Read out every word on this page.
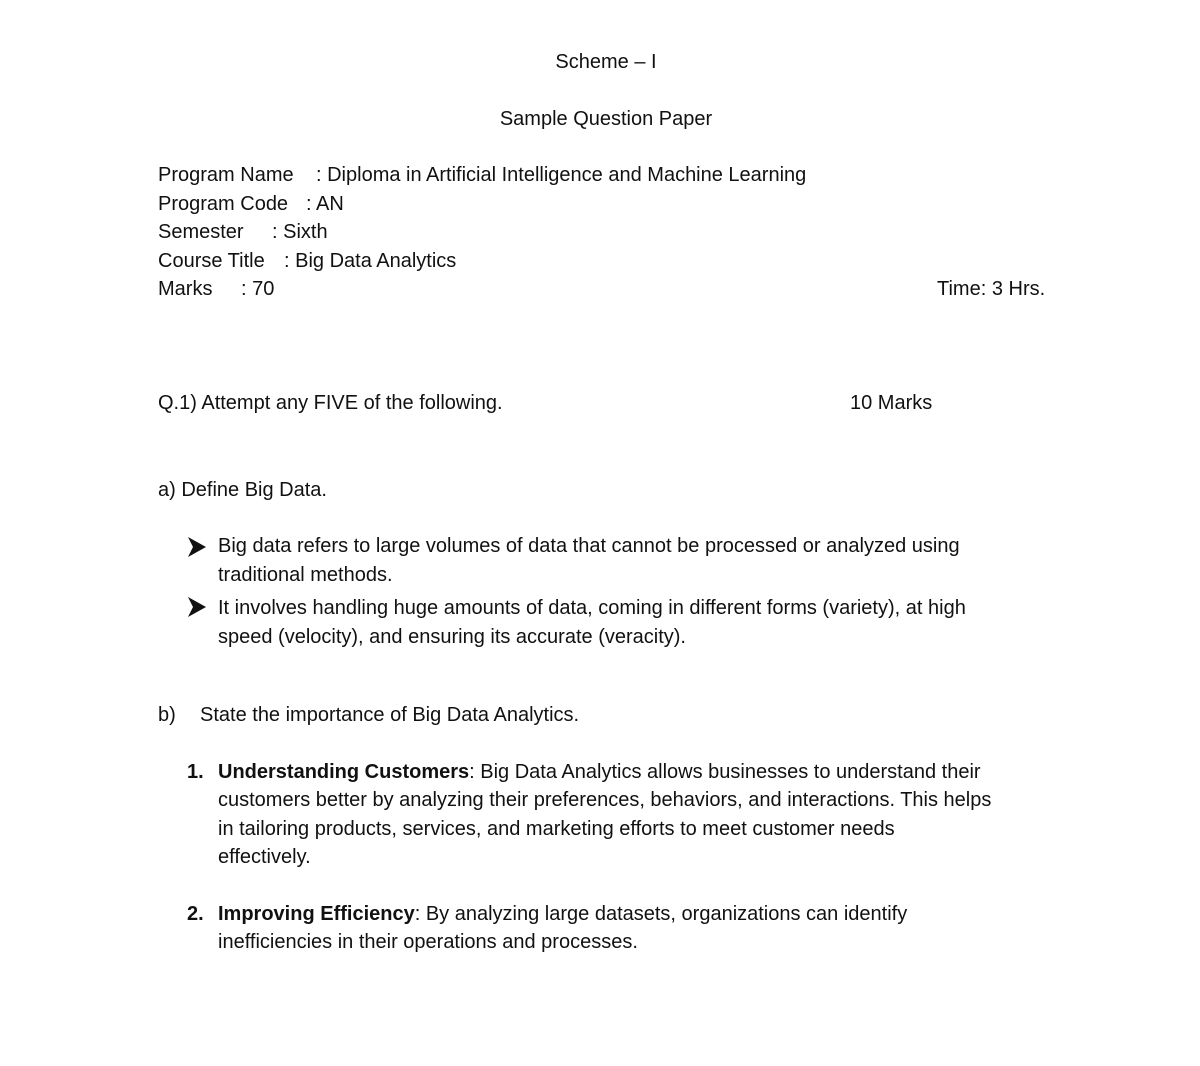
Scheme – I
Sample Question Paper
Program Name : Diploma in Artificial Intelligence and Machine Learning
Program Code : AN
Semester : Sixth
Course Title : Big Data Analytics
Marks : 70	Time: 3 Hrs.
Q.1) Attempt any FIVE of the following.	10 Marks
a) Define Big Data.
Big data refers to large volumes of data that cannot be processed or analyzed using
traditional methods.
It involves handling huge amounts of data, coming in different forms (variety), at high
speed (velocity), and ensuring its accurate (veracity).
b) State the importance of Big Data Analytics.
1. Understanding Customers: Big Data Analytics allows businesses to understand their
customers better by analyzing their preferences, behaviors, and interactions. This helps
in tailoring products, services, and marketing efforts to meet customer needs
effectively.
2. Improving Efficiency: By analyzing large datasets, organizations can identify
inefficiencies in their operations and processes.
